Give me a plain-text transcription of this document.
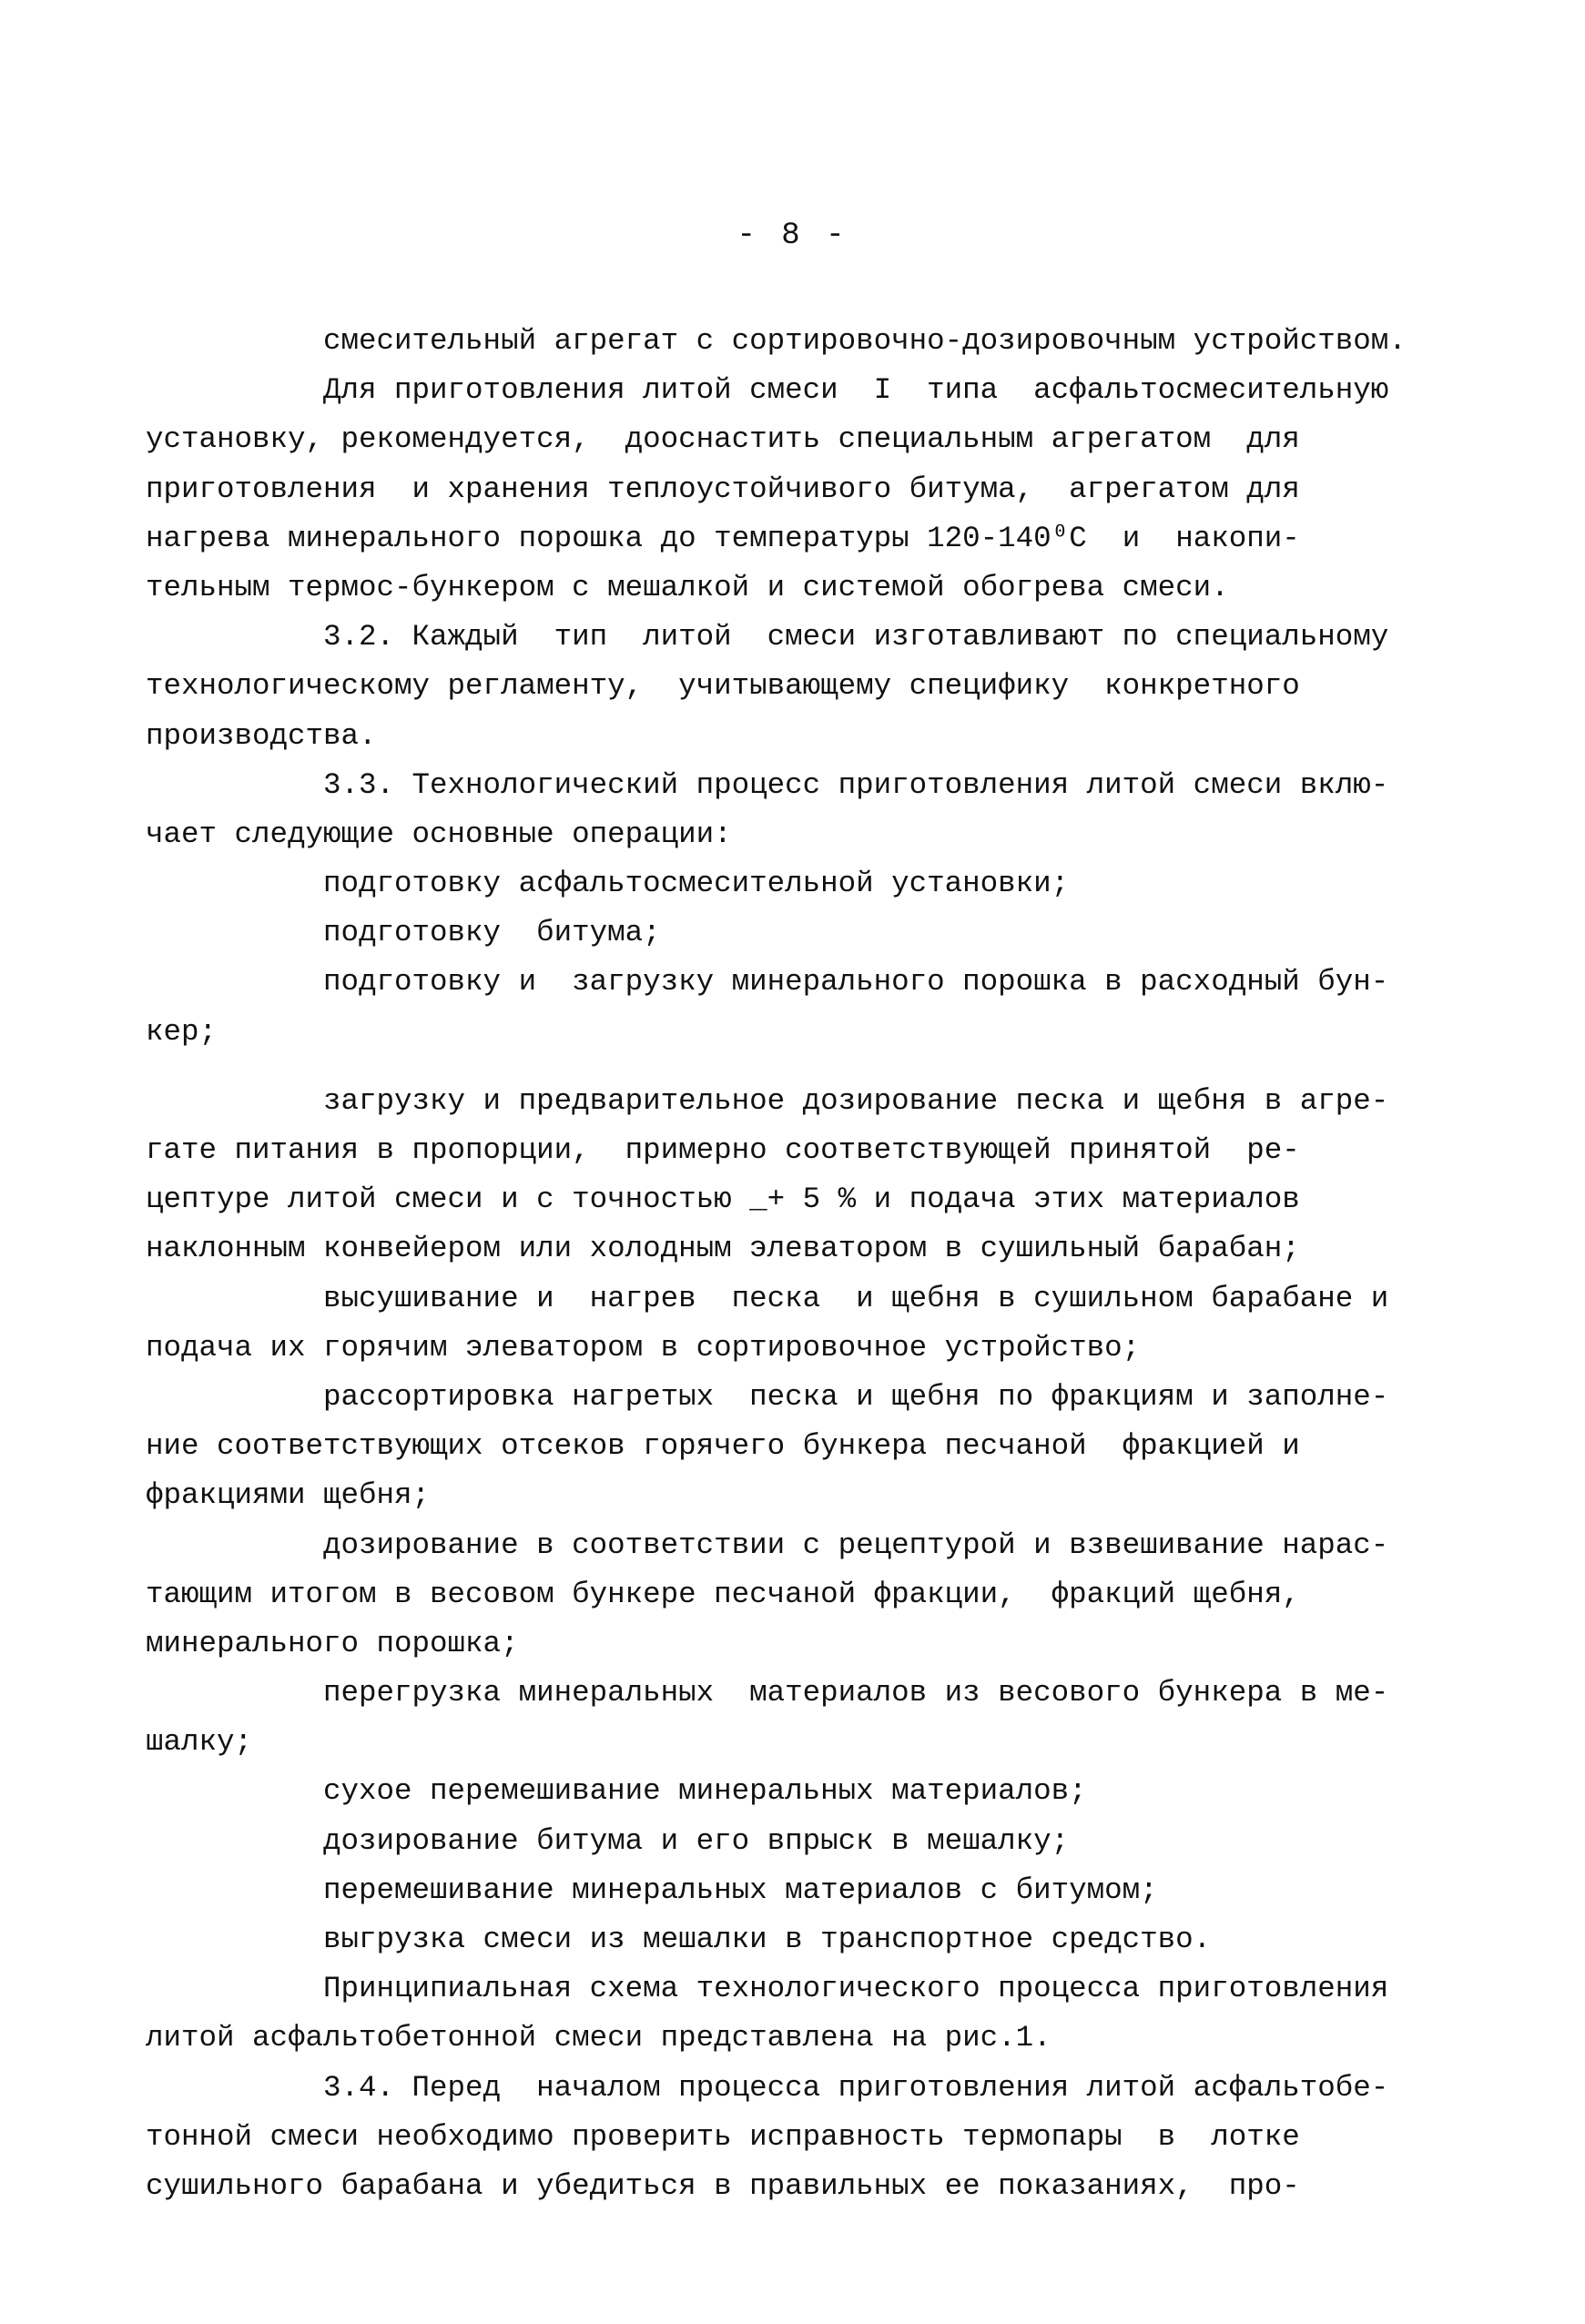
- 8 -
смесительный агрегат с сортировочно-дозировочным устройством.
Для приготовления литой смеси  I  типа  асфальтосмесительную
установку, рекомендуется,  дооснастить специальным агрегатом  для
приготовления  и хранения теплоустойчивого битума,  агрегатом для
нагрева минерального порошка до температуры 120-140⁰С  и  накопи-
тельным термос-бункером с мешалкой и системой обогрева смеси.
3.2. Каждый  тип  литой  смеси изготавливают по специальному
технологическому регламенту,  учитывающему специфику  конкретного
производства.
3.3. Технологический процесс приготовления литой смеси вклю-
чает следующие основные операции:
подготовку асфальтосмесительной установки;
подготовку  битума;
подготовку и  загрузку минерального порошка в расходный бун-
кер;
загрузку и предварительное дозирование песка и щебня в агре-
гате питания в пропорции,  примерно соответствующей принятой  ре-
цептуре литой смеси и с точностью _+ 5 % и подача этих материалов
наклонным конвейером или холодным элеватором в сушильный барабан;
высушивание и  нагрев  песка  и щебня в сушильном барабане и
подача их горячим элеватором в сортировочное устройство;
рассортировка нагретых  песка и щебня по фракциям и заполне-
ние соответствующих отсеков горячего бункера песчаной  фракцией и
фракциями щебня;
дозирование в соответствии с рецептурой и взвешивание нарас-
тающим итогом в весовом бункере песчаной фракции,  фракций щебня,
минерального порошка;
перегрузка минеральных  материалов из весового бункера в ме-
шалку;
сухое перемешивание минеральных материалов;
дозирование битума и его впрыск в мешалку;
перемешивание минеральных материалов с битумом;
выгрузка смеси из мешалки в транспортное средство.
Принципиальная схема технологического процесса приготовления
литой асфальтобетонной смеси представлена на рис.1.
3.4. Перед  началом процесса приготовления литой асфальтобе-
тонной смеси необходимо проверить исправность термопары  в  лотке
сушильного барабана и убедиться в правильных ее показаниях,  про-
